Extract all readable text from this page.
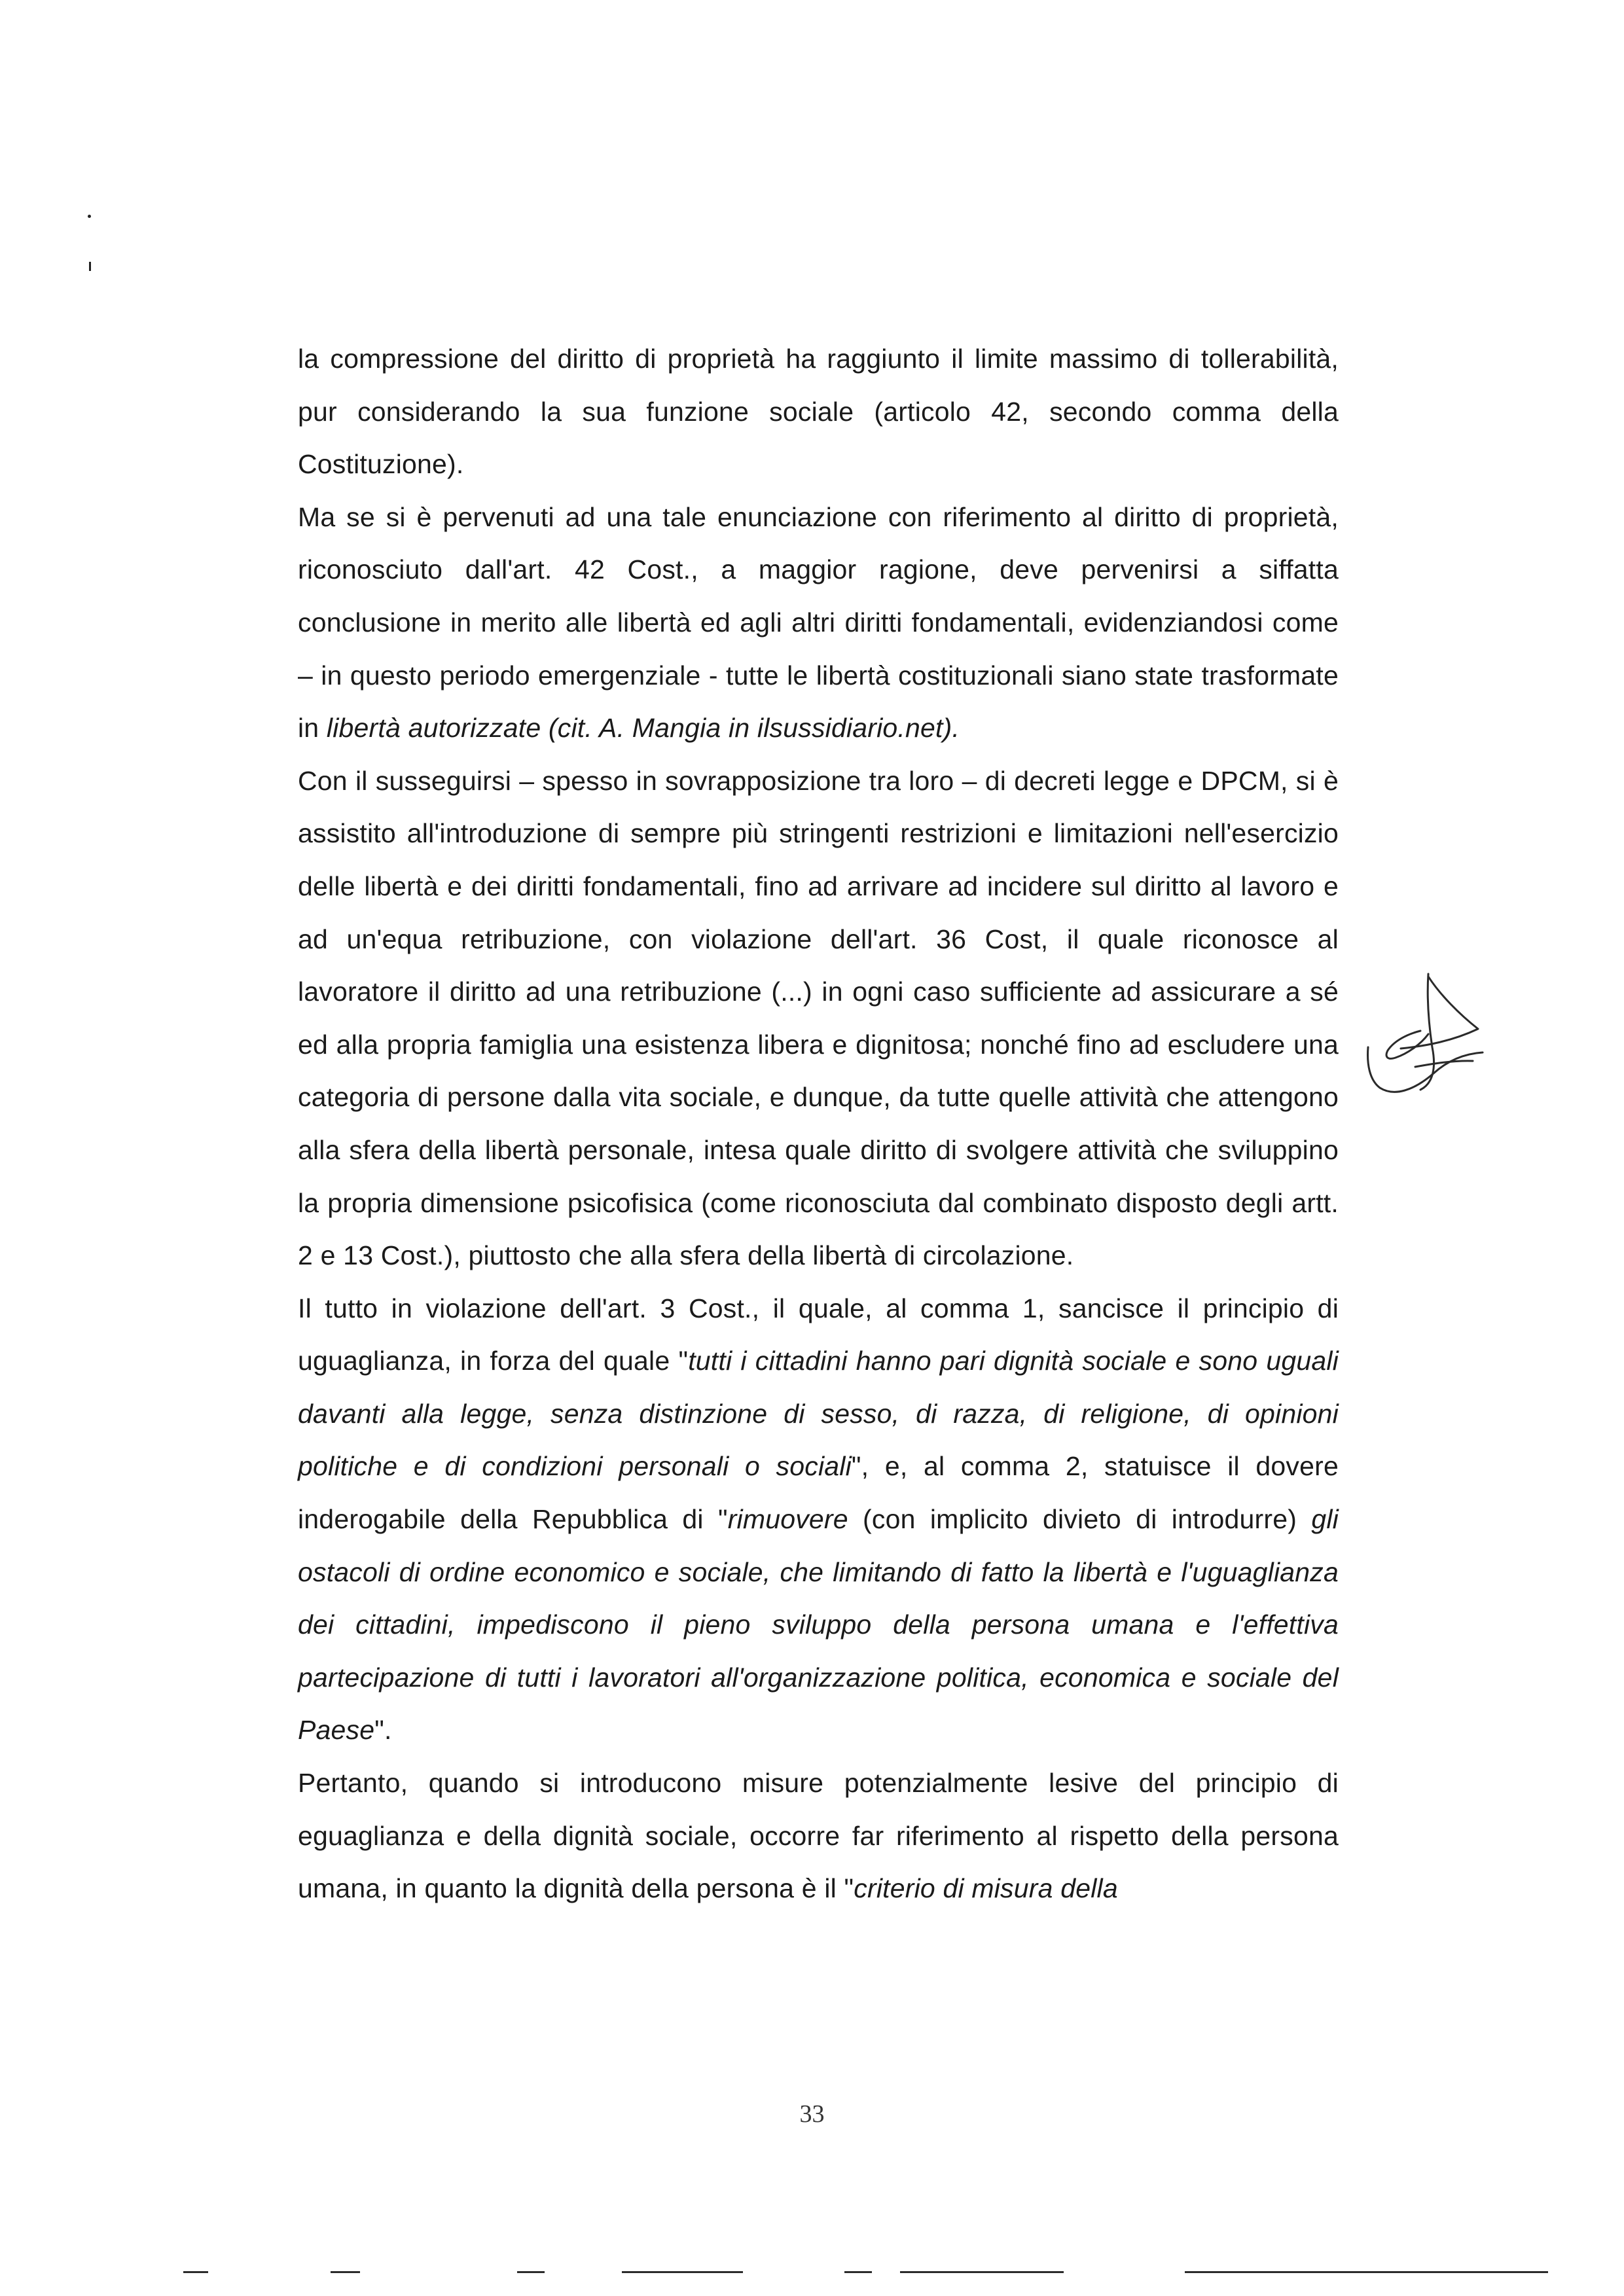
la compressione del diritto di proprietà ha raggiunto il limite massimo di tollerabilità, pur considerando la sua funzione sociale (articolo 42, secondo comma della Costituzione).

Ma se si è pervenuti ad una tale enunciazione con riferimento al diritto di proprietà, riconosciuto dall'art. 42 Cost., a maggior ragione, deve pervenirsi a siffatta conclusione in merito alle libertà ed agli altri diritti fondamentali, evidenziandosi come – in questo periodo emergenziale - tutte le libertà costituzionali siano state trasformate in libertà autorizzate (cit. A. Mangia in ilsussidiario.net).

Con il susseguirsi – spesso in sovrapposizione tra loro – di decreti legge e DPCM, si è assistito all'introduzione di sempre più stringenti restrizioni e limitazioni nell'esercizio delle libertà e dei diritti fondamentali, fino ad arrivare ad incidere sul diritto al lavoro e ad un'equa retribuzione, con violazione dell'art. 36 Cost, il quale riconosce al lavoratore il diritto ad una retribuzione (...) in ogni caso sufficiente ad assicurare a sé ed alla propria famiglia una esistenza libera e dignitosa; nonché fino ad escludere una categoria di persone dalla vita sociale, e dunque, da tutte quelle attività che attengono alla sfera della libertà personale, intesa quale diritto di svolgere attività che sviluppino la propria dimensione psicofisica (come riconosciuta dal combinato disposto degli artt. 2 e 13 Cost.), piuttosto che alla sfera della libertà di circolazione.

Il tutto in violazione dell'art. 3 Cost., il quale, al comma 1, sancisce il principio di uguaglianza, in forza del quale "tutti i cittadini hanno pari dignità sociale e sono uguali davanti alla legge, senza distinzione di sesso, di razza, di religione, di opinioni politiche e di condizioni personali o sociali", e, al comma 2, statuisce il dovere inderogabile della Repubblica di "rimuovere (con implicito divieto di introdurre) gli ostacoli di ordine economico e sociale, che limitando di fatto la libertà e l'uguaglianza dei cittadini, impediscono il pieno sviluppo della persona umana e l'effettiva partecipazione di tutti i lavoratori all'organizzazione politica, economica e sociale del Paese".

Pertanto, quando si introducono misure potenzialmente lesive del principio di eguaglianza e della dignità sociale, occorre far riferimento al rispetto della persona umana, in quanto la dignità della persona è il "criterio di misura della

33
